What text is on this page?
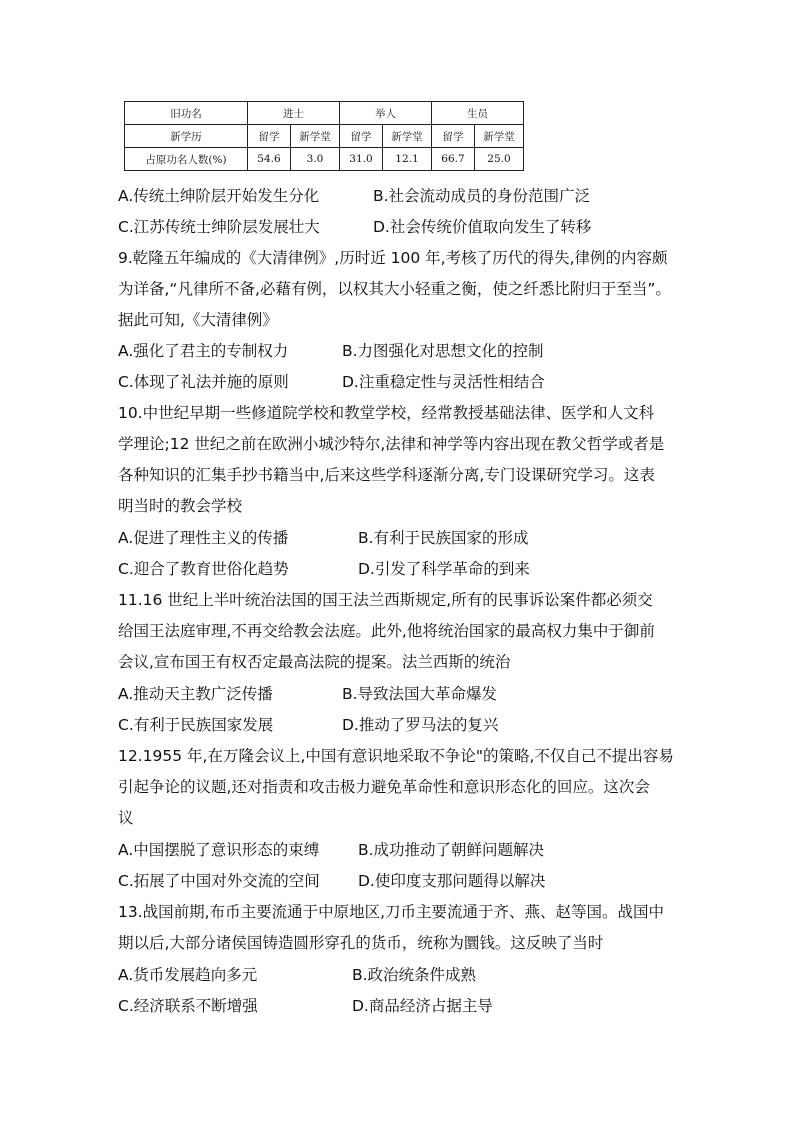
旧功名	进士		举人		生员	
新学历	留学	新学堂	留学	新学堂	留学	新学堂
占原功名人数(%)	54.6	3.0	31.0	12.1	66.7	25.0
A.传统土绅阶层开始发生分化	B.社会流动成员的身份范围广泛
C.江苏传统士绅阶层发展壮大	D.社会传统价值取向发生了转移
9.乾隆五年编成的《大清律例》,历时近 100 年,考核了历代的得失,律例的内容颇
为详备,“凡律所不备,必藉有例，以权其大小轻重之衡，使之纤悉比附归于至当”。
据此可知,《大清律例》
A.强化了君主的专制权力	B.力图强化对思想文化的控制
C.体现了礼法并施的原则	D.注重稳定性与灵活性相结合
10.中世纪早期一些修道院学校和教堂学校，经常教授基础法律、医学和人文科
学理论;12 世纪之前在欧洲小城沙特尔,法律和神学等内容出现在教父哲学或者是
各种知识的汇集手抄书籍当中,后来这些学科逐渐分离,专门设课研究学习。这表
明当时的教会学校
A.促进了理性主义的传播	B.有利于民族国家的形成
C.迎合了教育世俗化趋势	D.引发了科学革命的到来
11.16 世纪上半叶统治法国的国王法兰西斯规定,所有的民事诉讼案件都必须交
给国王法庭审理,不再交给教会法庭。此外,他将统治国家的最高权力集中于御前
会议,宣布国王有权否定最高法院的提案。法兰西斯的统治
A.推动天主教广泛传播	B.导致法国大革命爆发
C.有利于民族国家发展	D.推动了罗马法的复兴
12.1955 年,在万隆会议上,中国有意识地采取不争论"的策略,不仅自己不提出容易
引起争论的议题,还对指责和攻击极力避免革命性和意识形态化的回应。这次会
议
A.中国摆脱了意识形态的束缚 B.成功推动了朝鲜问题解决
C.拓展了中国对外交流的空间 D.使印度支那问题得以解决
13.战国前期,布币主要流通于中原地区,刀币主要流通于齐、燕、赵等国。战国中
期以后,大部分诸侯国铸造圆形穿孔的货币，统称为圜钱。这反映了当时
A.货币发展趋向多元	B.政治统条件成熟
C.经济联系不断增强	D.商品经济占据主导
